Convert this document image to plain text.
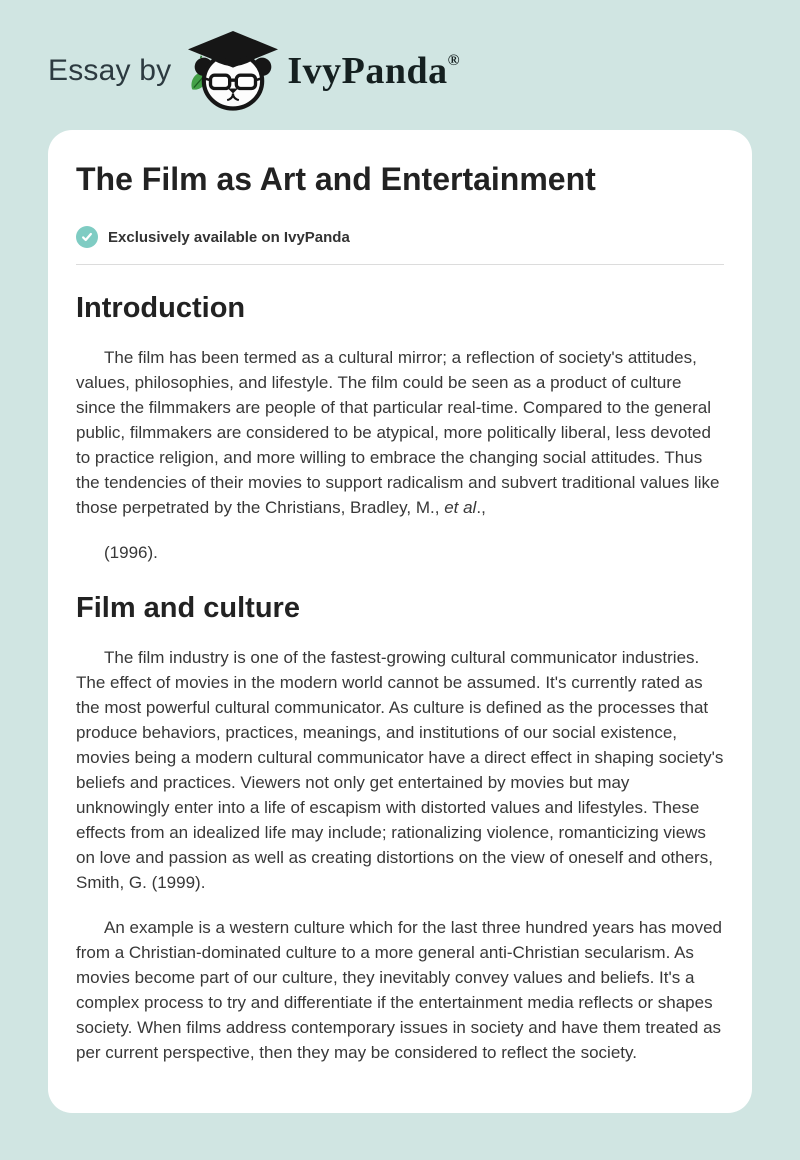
Essay by	IvyPanda®
The Film as Art and Entertainment
Exclusively available on IvyPanda
Introduction

The film has been termed as a cultural mirror; a reflection of society's attitudes, values, philosophies, and lifestyle. The film could be seen as a product of culture since the filmmakers are people of that particular real-time. Compared to the general public, filmmakers are considered to be atypical, more politically liberal, less devoted to practice religion, and more willing to embrace the changing social attitudes. Thus the tendencies of their movies to support radicalism and subvert traditional values like those perpetrated by the Christians, Bradley, M., et al.,

(1996).

Film and culture

The film industry is one of the fastest-growing cultural communicator industries. The effect of movies in the modern world cannot be assumed. It's currently rated as the most powerful cultural communicator. As culture is defined as the processes that produce behaviors, practices, meanings, and institutions of our social existence, movies being a modern cultural communicator have a direct effect in shaping society's beliefs and practices. Viewers not only get entertained by movies but may unknowingly enter into a life of escapism with distorted values and lifestyles. These effects from an idealized life may include; rationalizing violence, romanticizing views on love and passion as well as creating distortions on the view of oneself and others, Smith, G. (1999).

An example is a western culture which for the last three hundred years has moved from a Christian-dominated culture to a more general anti-Christian secularism. As movies become part of our culture, they inevitably convey values and beliefs. It's a complex process to try and differentiate if the entertainment media reflects or shapes society. When films address contemporary issues in society and have them treated as per current perspective, then they may be considered to reflect the society.
